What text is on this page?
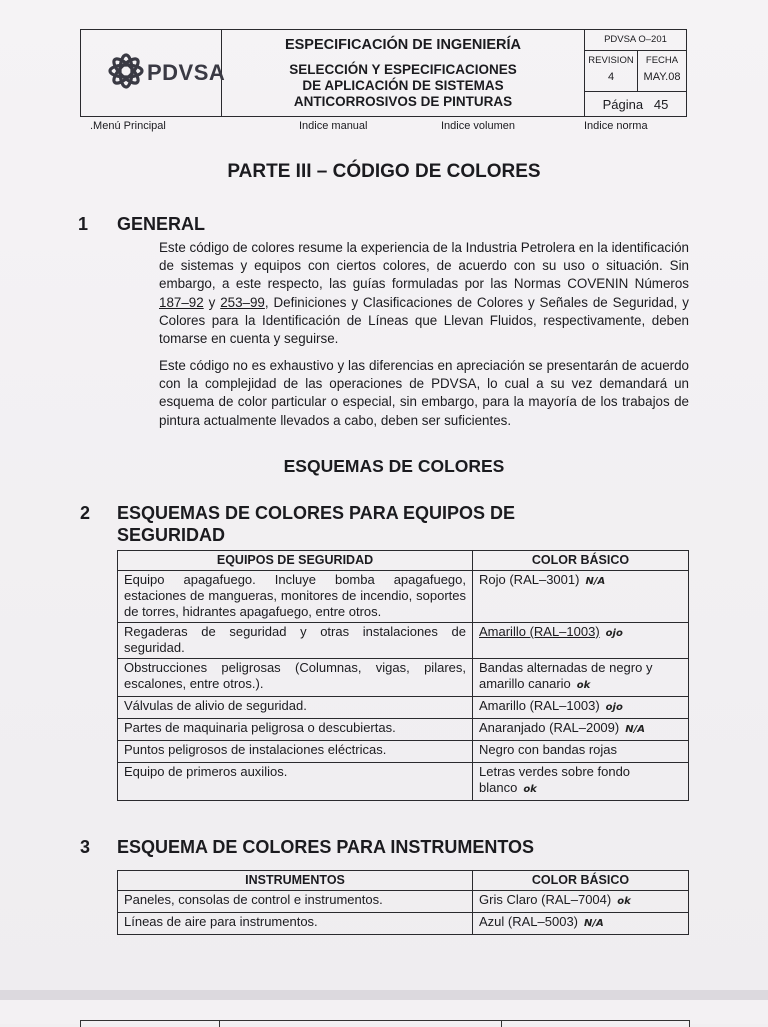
PDVSA
ESPECIFICACIÓN DE INGENIERÍA
SELECCIÓN Y ESPECIFICACIONES
DE APLICACIÓN DE SISTEMAS
ANTICORROSIVOS DE PINTURAS
PDVSA O–201
REVISION
4
FECHA
MAY.08
Página 45
.Menú Principal	Indice manual	Indice volumen	Indice norma
PARTE III – CÓDIGO DE COLORES
1 GENERAL
Este código de colores resume la experiencia de la Industria Petrolera en la identificación de sistemas y equipos con ciertos colores, de acuerdo con su uso o situación. Sin embargo, a este respecto, las guías formuladas por las Normas COVENIN Números 187–92 y 253–99, Definiciones y Clasificaciones de Colores y Señales de Seguridad, y Colores para la Identificación de Líneas que Llevan Fluidos, respectivamente, deben tomarse en cuenta y seguirse.
Este código no es exhaustivo y las diferencias en apreciación se presentarán de acuerdo con la complejidad de las operaciones de PDVSA, lo cual a su vez demandará un esquema de color particular o especial, sin embargo, para la mayoría de los trabajos de pintura actualmente llevados a cabo, deben ser suficientes.
ESQUEMAS DE COLORES
2 ESQUEMAS DE COLORES PARA EQUIPOS DE
SEGURIDAD
EQUIPOS DE SEGURIDAD	COLOR BÁSICO
Equipo apagafuego. Incluye bomba apagafuego, estaciones de mangueras, monitores de incendio, soportes de torres, hidrantes apagafuego, entre otros.	Rojo (RAL–3001) N/A
Regaderas de seguridad y otras instalaciones de seguridad.	Amarillo (RAL–1003) ojo
Obstrucciones peligrosas (Columnas, vigas, pilares, escalones, entre otros.).	Bandas alternadas de negro y amarillo canario ok
Válvulas de alivio de seguridad.	Amarillo (RAL–1003) ojo
Partes de maquinaria peligrosa o descubiertas.	Anaranjado (RAL–2009) N/A
Puntos peligrosos de instalaciones eléctricas.	Negro con bandas rojas
Equipo de primeros auxilios.	Letras verdes sobre fondo blanco ok
3 ESQUEMA DE COLORES PARA INSTRUMENTOS
INSTRUMENTOS	COLOR BÁSICO
Paneles, consolas de control e instrumentos.	Gris Claro (RAL–7004) ok
Líneas de aire para instrumentos.	Azul (RAL–5003) N/A
